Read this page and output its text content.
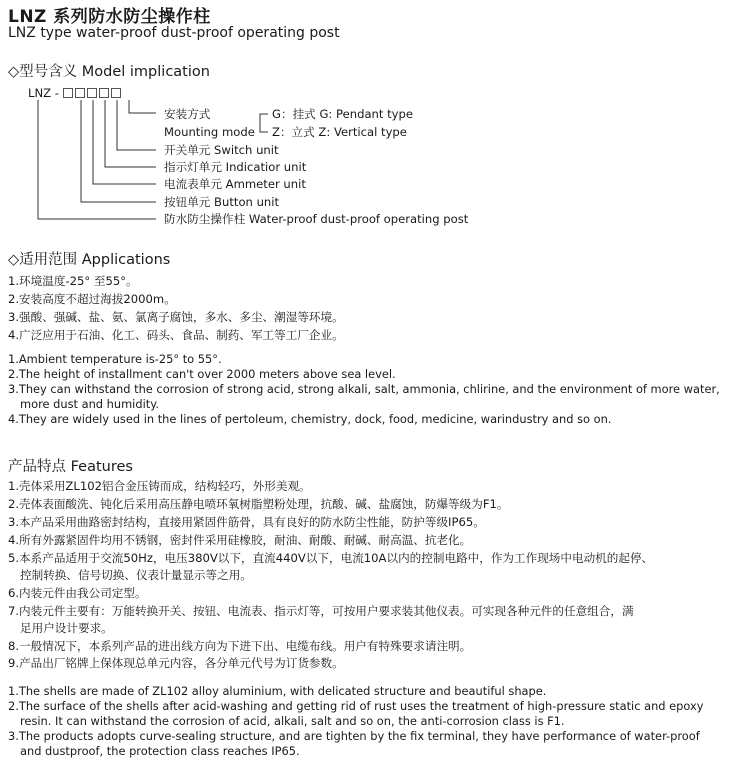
LNZ 系列防水防尘操作柱
LNZ type water-proof dust-proof operating post
◇型号含义 Model implication
LNZ -
安装方式
Mounting mode
G：挂式 G: Pendant type
Z：立式 Z: Vertical type
开关单元 Switch unit
指示灯单元 Indicatior unit
电流表单元 Ammeter unit
按钮单元 Button unit
防水防尘操作柱 Water-proof dust-proof operating post
◇适用范围 Applications
1.环境温度-25° 至55°。
2.安装高度不超过海拔2000m。
3.强酸、强碱、盐、氨、氯离子腐蚀，多水、多尘、潮湿等环境。
4.广泛应用于石油、化工、码头、食品、制药、军工等工厂企业。
1.Ambient temperature is-25° to 55°.
2.The height of installment can't over 2000 meters above sea level.
3.They can withstand the corrosion of strong acid, strong alkali, salt, ammonia, chlirine, and the environment of more water,
more dust and humidity.
4.They are widely used in the lines of pertoleum, chemistry, dock, food, medicine, warindustry and so on.
产品特点 Features
1.壳体采用ZL102铝合金压铸而成，结构轻巧，外形美观。
2.壳体表面酸洗、钝化后采用高压静电喷环氧树脂塑粉处理，抗酸、碱、盐腐蚀，防爆等级为F1。
3.本产品采用曲路密封结构，直接用紧固件筋骨，具有良好的防水防尘性能，防护等级IP65。
4.所有外露紧固件均用不锈钢，密封件采用硅橡胶，耐油、耐酸、耐碱、耐高温、抗老化。
5.本系产品适用于交流50Hz，电压380V以下，直流440V以下，电流10A以内的控制电路中，作为工作现场中电动机的起停、
控制转换、信号切换、仪表计量显示等之用。
6.内装元件由我公司定型。
7.内装元件主要有：万能转换开关、按钮、电流表、指示灯等，可按用户要求装其他仪表。可实现各种元件的任意组合，满
足用户设计要求。
8.一般情况下，本系列产品的进出线方向为下进下出、电缆布线。用户有特殊要求请注明。
9.产品出厂铭牌上保体现总单元内容，各分单元代号为订货参数。
1.The shells are made of ZL102 alloy aluminium, with delicated structure and beautiful shape.
2.The surface of the shells after acid-washing and getting rid of rust uses the treatment of high-pressure static and epoxy
resin. It can withstand the corrosion of acid, alkali, salt and so on, the anti-corrosion class is F1.
3.The products adopts curve-sealing structure, and are tighten by the fix terminal, they have performance of water-proof
and dustproof, the protection class reaches IP65.
